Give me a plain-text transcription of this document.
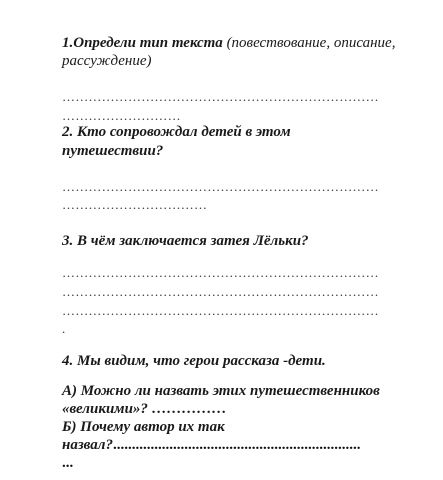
1.Определи тип текста (повествование, описание,
рассуждение)
………………………………………………………………
………………………
2. Кто сопровождал детей в этом
путешествии?
………………………………………………………………
……………………………
3. В чём заключается затея Лёльки?
………………………………………………………………
………………………………………………………………
………………………………………………………………
.
4. Мы видим, что герои рассказа -дети.
А) Можно ли назвать этих путешественников
«великими»? ……………
Б) Почему автор их так
назвал?..................................................................
...
